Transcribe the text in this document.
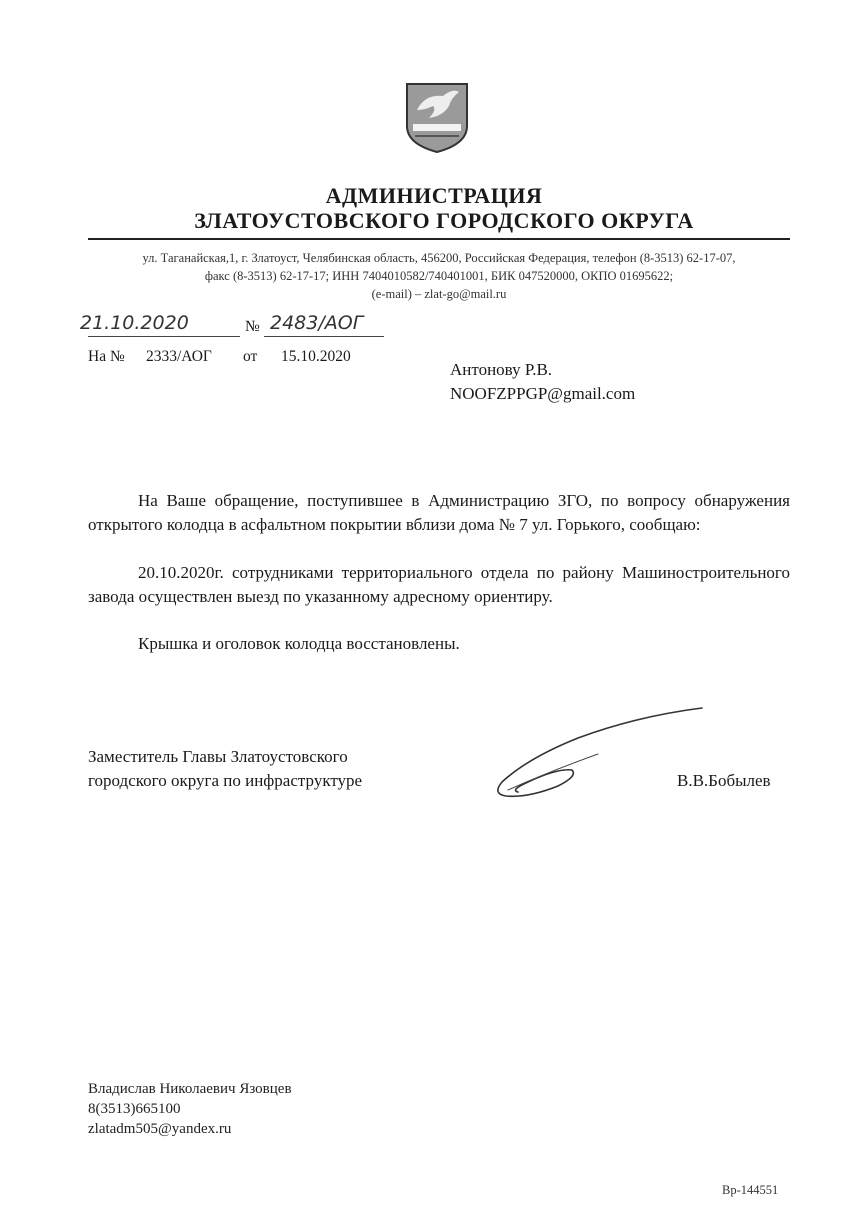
АДМИНИСТРАЦИЯ
ЗЛАТОУСТОВСКОГО ГОРОДСКОГО ОКРУГА
ул. Таганайская,1, г. Златоуст, Челябинская область, 456200, Российская Федерация, телефон (8-3513) 62-17-07,
факс (8-3513) 62-17-17; ИНН 7404010582/740401001, БИК 047520000, ОКПО 01695622;
(e-mail) – zlat-go@mail.ru
21.10.2020	№ 2483/АОГ
На № 2333/АОГ от 15.10.2020
Антонову Р.В.
NOOFZPPGP@gmail.com
На Ваше обращение, поступившее в Администрацию ЗГО, по вопросу обнаружения открытого колодца в асфальтном покрытии вблизи дома № 7 ул. Горького, сообщаю:
20.10.2020г. сотрудниками территориального отдела по району Машиностроительного завода осуществлен выезд по указанному адресному ориентиру.
Крышка и оголовок колодца восстановлены.
Заместитель Главы Златоустовского
городского округа по инфраструктуре	В.В.Бобылев
Владислав Николаевич Язовцев
8(3513)665100
zlatadm505@yandex.ru
Вр-144551
